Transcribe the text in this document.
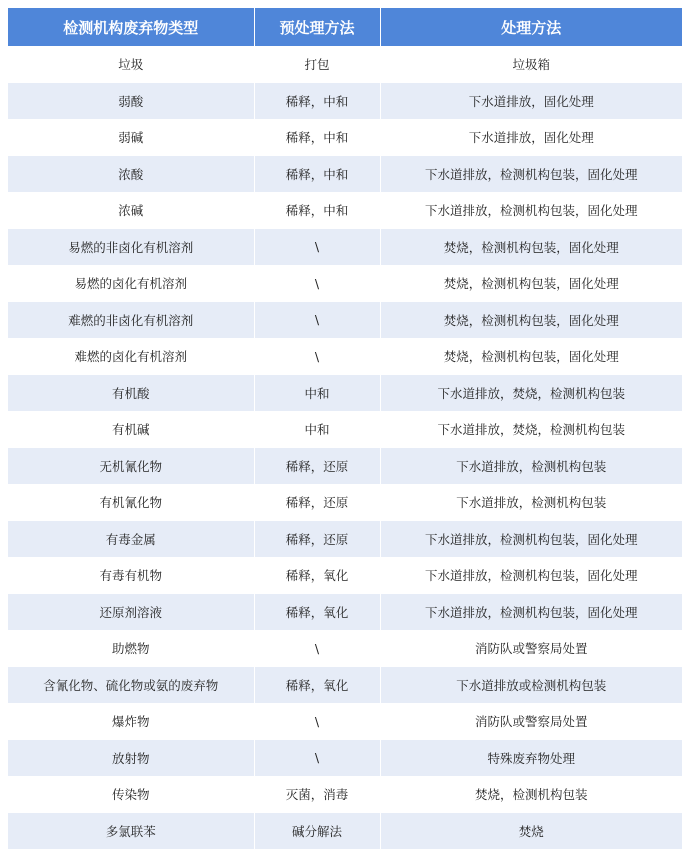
检测机构废弃物类型	预处理方法	处理方法
垃圾	打包	垃圾箱
弱酸	稀释，中和	下水道排放，固化处理
弱碱	稀释，中和	下水道排放，固化处理
浓酸	稀释，中和	下水道排放，检测机构包装，固化处理
浓碱	稀释，中和	下水道排放，检测机构包装，固化处理
易燃的非卤化有机溶剂	\	焚烧，检测机构包装，固化处理
易燃的卤化有机溶剂	\	焚烧，检测机构包装，固化处理
难燃的非卤化有机溶剂	\	焚烧，检测机构包装，固化处理
难燃的卤化有机溶剂	\	焚烧，检测机构包装，固化处理
有机酸	中和	下水道排放，焚烧，检测机构包装
有机碱	中和	下水道排放，焚烧，检测机构包装
无机氰化物	稀释，还原	下水道排放，检测机构包装
有机氰化物	稀释，还原	下水道排放，检测机构包装
有毒金属	稀释，还原	下水道排放，检测机构包装，固化处理
有毒有机物	稀释，氧化	下水道排放，检测机构包装，固化处理
还原剂溶液	稀释，氧化	下水道排放，检测机构包装，固化处理
助燃物	\	消防队或警察局处置
含氰化物、硫化物或氨的废弃物	稀释，氧化	下水道排放或检测机构包装
爆炸物	\	消防队或警察局处置
放射物	\	特殊废弃物处理
传染物	灭菌，消毒	焚烧，检测机构包装
多氯联苯	碱分解法	焚烧
